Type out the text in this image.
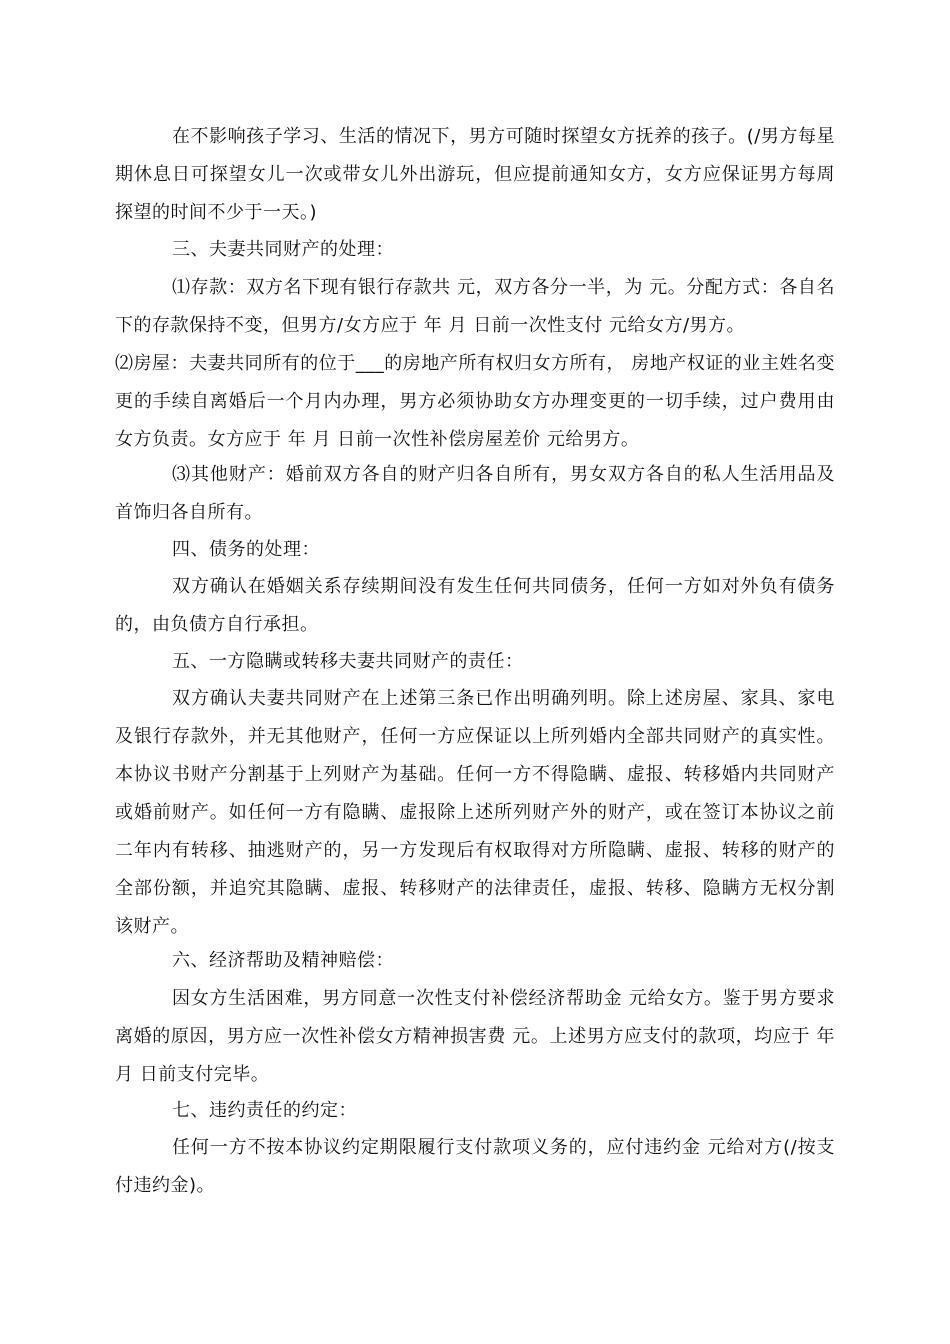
在不影响孩子学习、生活的情况下，男方可随时探望女方抚养的孩子。(/男方每星期休息日可探望女儿一次或带女儿外出游玩，但应提前通知女方，女方应保证男方每周探望的时间不少于一天。)

三、夫妻共同财产的处理：

⑴存款：双方名下现有银行存款共 元，双方各分一半，为 元。分配方式：各自名下的存款保持不变，但男方/女方应于 年 月 日前一次性支付 元给女方/男方。

⑵房屋：夫妻共同所有的位于___的房地产所有权归女方所有， 房地产权证的业主姓名变更的手续自离婚后一个月内办理，男方必须协助女方办理变更的一切手续，过户费用由女方负责。女方应于 年 月 日前一次性补偿房屋差价 元给男方。

⑶其他财产：婚前双方各自的财产归各自所有，男女双方各自的私人生活用品及首饰归各自所有。

四、债务的处理：

双方确认在婚姻关系存续期间没有发生任何共同债务，任何一方如对外负有债务的，由负债方自行承担。

五、一方隐瞒或转移夫妻共同财产的责任：

双方确认夫妻共同财产在上述第三条已作出明确列明。除上述房屋、家具、家电及银行存款外，并无其他财产，任何一方应保证以上所列婚内全部共同财产的真实性。本协议书财产分割基于上列财产为基础。任何一方不得隐瞒、虚报、转移婚内共同财产或婚前财产。如任何一方有隐瞒、虚报除上述所列财产外的财产，或在签订本协议之前 二年内有转移、抽逃财产的，另一方发现后有权取得对方所隐瞒、虚报、转移的财产的全部份额，并追究其隐瞒、虚报、转移财产的法律责任，虚报、转移、隐瞒方无权分割该财产。

六、经济帮助及精神赔偿：

因女方生活困难，男方同意一次性支付补偿经济帮助金 元给女方。鉴于男方要求离婚的原因，男方应一次性补偿女方精神损害费 元。上述男方应支付的款项，均应于 年 月 日前支付完毕。

七、违约责任的约定：

任何一方不按本协议约定期限履行支付款项义务的，应付违约金 元给对方(/按支付违约金)。
